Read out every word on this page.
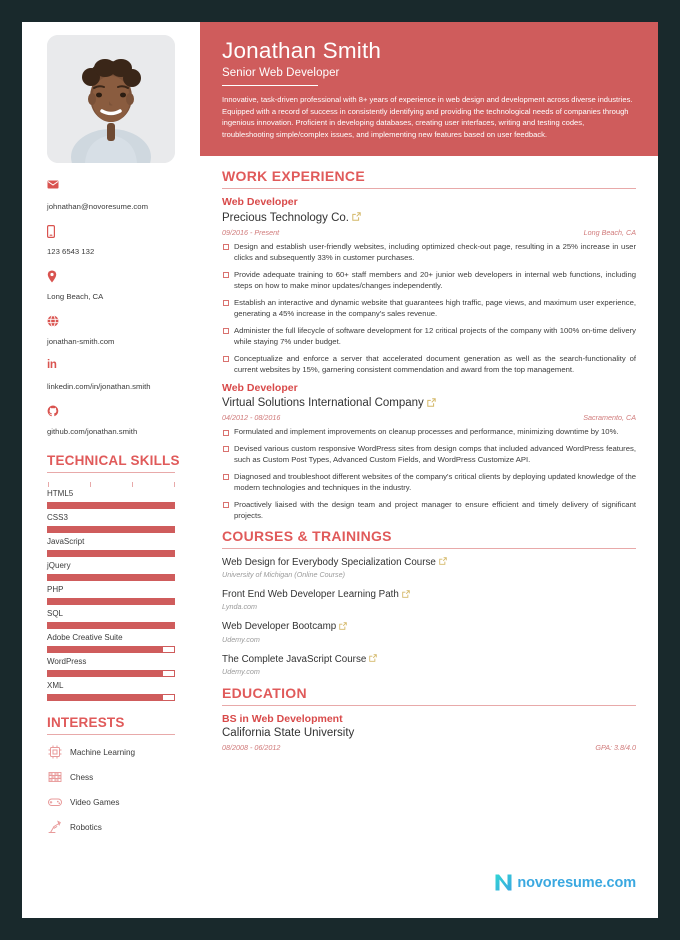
johnathan@novoresume.com
123 6543 132
Long Beach, CA
jonathan-smith.com
in
linkedin.com/in/jonathan.smith
github.com/jonathan.smith
TECHNICAL SKILLS
HTML5
CSS3
JavaScript
jQuery
PHP
SQL
Adobe Creative Suite
WordPress
XML
INTERESTS
Machine Learning
Chess
Video Games
Robotics
Jonathan Smith
Senior Web Developer
Innovative, task-driven professional with 8+ years of experience in web design and development across diverse industries. Equipped with a record of success in consistently identifying and providing the technological needs of companies through ingenious innovation. Proficient in developing databases, creating user interfaces, writing and testing codes, troubleshooting simple/complex issues, and implementing new features based on user feedback.
WORK EXPERIENCE
Web Developer
Precious Technology Co.
09/2016 - Present	Long Beach, CA
Design and establish user-friendly websites, including optimized check-out page, resulting in a 25% increase in user clicks and subsequently 33% in customer purchases.
Provide adequate training to 60+ staff members and 20+ junior web developers in internal web functions, including steps on how to make minor updates/changes independently.
Establish an interactive and dynamic website that guarantees high traffic, page views, and maximum user experience, generating a 45% increase in the company's sales revenue.
Administer the full lifecycle of software development for 12 critical projects of the company with 100% on-time delivery while staying 7% under budget.
Conceptualize and enforce a server that accelerated document generation as well as the search-functionality of current websites by 15%, garnering consistent commendation and award from the top management.
Web Developer
Virtual Solutions International Company
04/2012 - 08/2016	Sacramento, CA
Formulated and implement improvements on cleanup processes and performance, minimizing downtime by 10%.
Devised various custom responsive WordPress sites from design comps that included advanced WordPress features, such as Custom Post Types, Advanced Custom Fields, and WordPress Customize API.
Diagnosed and troubleshoot different websites of the company's critical clients by deploying updated knowledge of the modern technologies and techniques in the industry.
Proactively liaised with the design team and project manager to ensure efficient and timely delivery of significant projects.
COURSES & TRAININGS
Web Design for Everybody Specialization Course
University of Michigan (Online Course)
Front End Web Developer Learning Path
Lynda.com
Web Developer Bootcamp
Udemy.com
The Complete JavaScript Course
Udemy.com
EDUCATION
BS in Web Development
California State University
08/2008 - 06/2012	GPA: 3.8/4.0
novoresume.com
